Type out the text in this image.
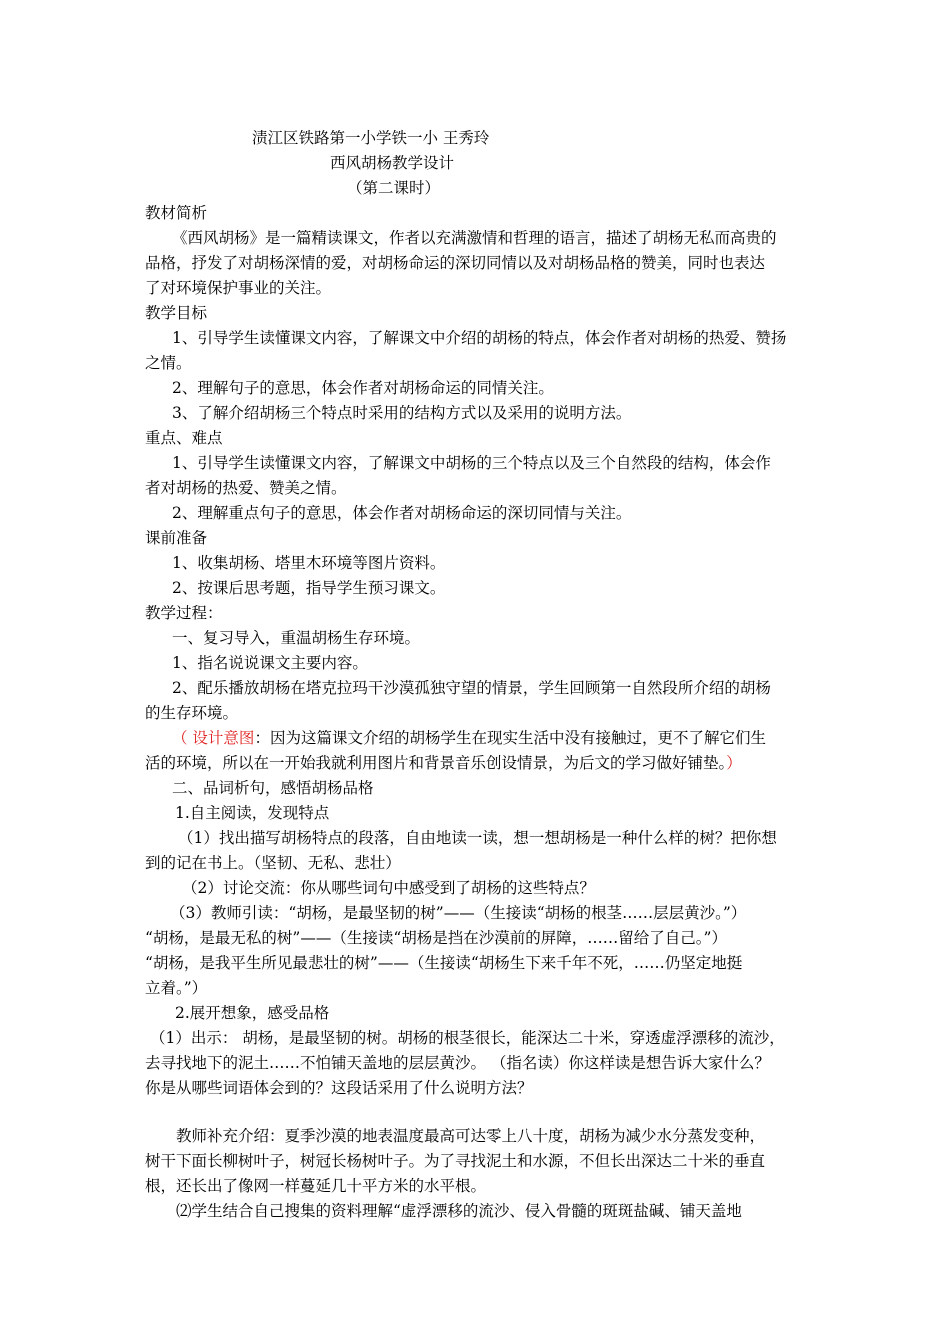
渍江区铁路第一小学铁一小 王秀玲
西风胡杨教学设计
（第二课时）
教材简析
《西风胡杨》是一篇精读课文，作者以充满激情和哲理的语言，描述了胡杨无私而高贵的
品格，抒发了对胡杨深情的爱，对胡杨命运的深切同情以及对胡杨品格的赞美，同时也表达
了对环境保护事业的关注。
教学目标
1、引导学生读懂课文内容，了解课文中介绍的胡杨的特点，体会作者对胡杨的热爱、赞扬
之情。
2、理解句子的意思，体会作者对胡杨命运的同情关注。
3、了解介绍胡杨三个特点时采用的结构方式以及采用的说明方法。
重点、难点
1、引导学生读懂课文内容，了解课文中胡杨的三个特点以及三个自然段的结构，体会作
者对胡杨的热爱、赞美之情。
2、理解重点句子的意思，体会作者对胡杨命运的深切同情与关注。
课前准备
1、收集胡杨、塔里木环境等图片资料。
2、按课后思考题，指导学生预习课文。
教学过程：
一、复习导入，重温胡杨生存环境。
1、指名说说课文主要内容。
2、配乐播放胡杨在塔克拉玛干沙漠孤独守望的情景，学生回顾第一自然段所介绍的胡杨
的生存环境。
（ 设计意图：因为这篇课文介绍的胡杨学生在现实生活中没有接触过，更不了解它们生
活的环境，所以在一开始我就利用图片和背景音乐创设情景，为后文的学习做好铺垫。）
二、品词析句，感悟胡杨品格
1.自主阅读，发现特点
（1）找出描写胡杨特点的段落，自由地读一读，想一想胡杨是一种什么样的树？把你想
到的记在书上。（坚韧、无私、悲壮）
（2）讨论交流：你从哪些词句中感受到了胡杨的这些特点？
（3）教师引读：“胡杨，是最坚韧的树”——（生接读“胡杨的根茎……层层黄沙。”）
“胡杨，是最无私的树”——（生接读“胡杨是挡在沙漠前的屏障，……留给了自己。”）
“胡杨，是我平生所见最悲壮的树”——（生接读“胡杨生下来千年不死，……仍坚定地挺
立着。”）
2.展开想象，感受品格
（1）出示： 胡杨，是最坚韧的树。胡杨的根茎很长，能深达二十米，穿透虚浮漂移的流沙，
去寻找地下的泥土……不怕铺天盖地的层层黄沙。 （指名读）你这样读是想告诉大家什么？
你是从哪些词语体会到的？这段话采用了什么说明方法？
教师补充介绍：夏季沙漠的地表温度最高可达零上八十度，胡杨为减少水分蒸发变种，
树干下面长柳树叶子，树冠长杨树叶子。为了寻找泥土和水源，不但长出深达二十米的垂直
根，还长出了像网一样蔓延几十平方米的水平根。
⑵学生结合自己搜集的资料理解“虚浮漂移的流沙、侵入骨髓的斑斑盐碱、铺天盖地
